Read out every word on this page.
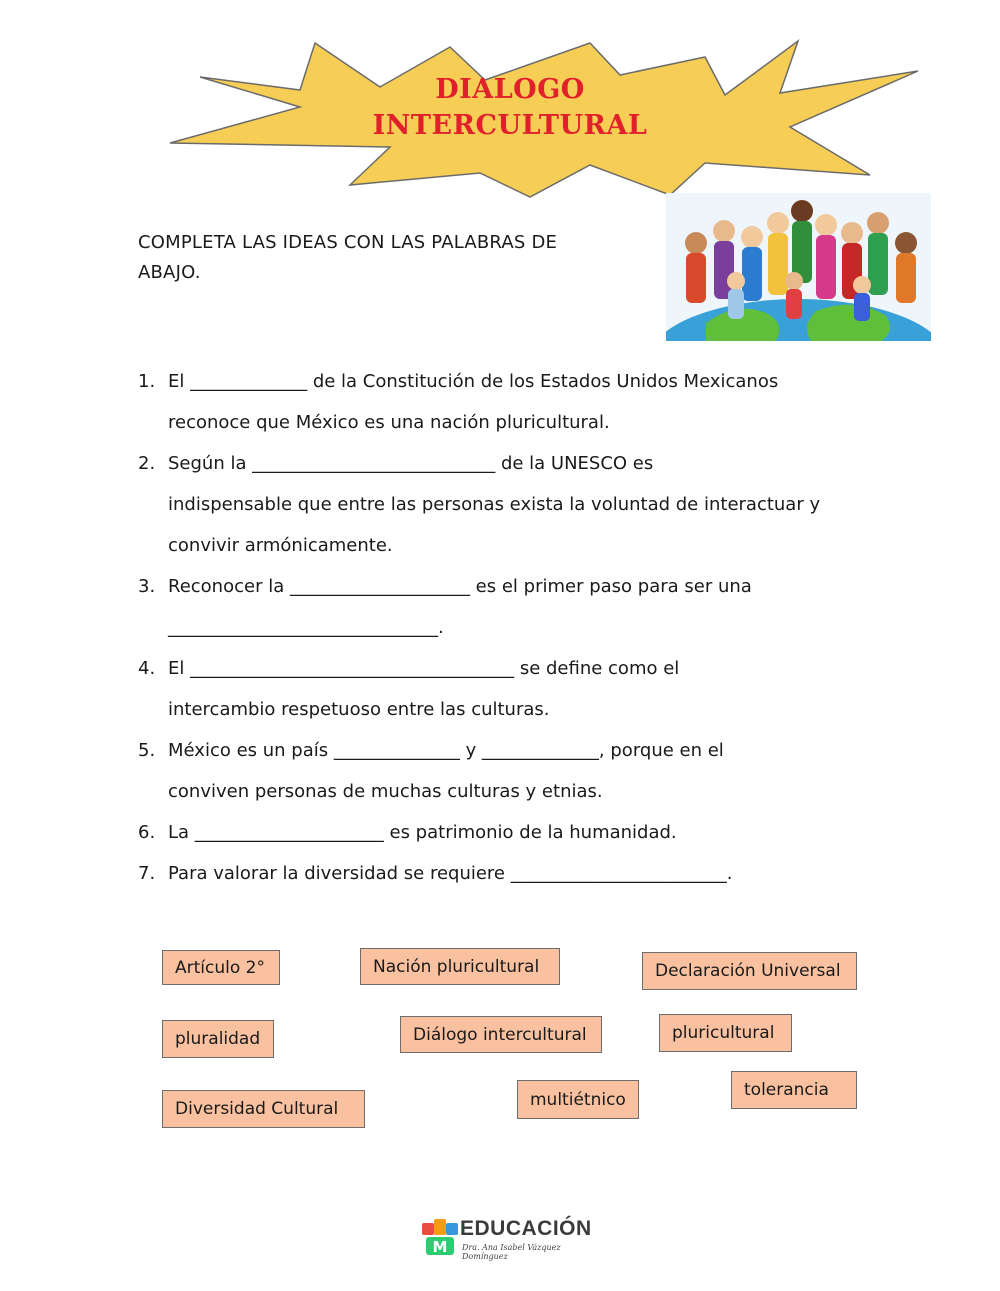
DIALOGO
INTERCULTURAL
COMPLETA LAS IDEAS CON LAS PALABRAS DE
ABAJO.
1. El _____________ de la Constitución de los Estados Unidos Mexicanos
reconoce que México es una nación pluricultural.
2. Según la ___________________________ de la UNESCO es
indispensable que entre las personas exista la voluntad de interactuar y
convivir armónicamente.
3. Reconocer la ____________________ es el primer paso para ser una
______________________________.
4. El ____________________________________ se define como el
intercambio respetuoso entre las culturas.
5. México es un país ______________ y _____________, porque en el
conviven personas de muchas culturas y etnias.
6. La _____________________ es patrimonio de la humanidad.
7. Para valorar la diversidad se requiere ________________________.
Artículo 2°	Nación pluricultural	Declaración Universal
pluralidad	Diálogo intercultural	pluricultural
Diversidad Cultural	multiétnico	tolerancia
M
EDUCACIÓN
Dra. Ana Isabel Vázquez Domínguez
